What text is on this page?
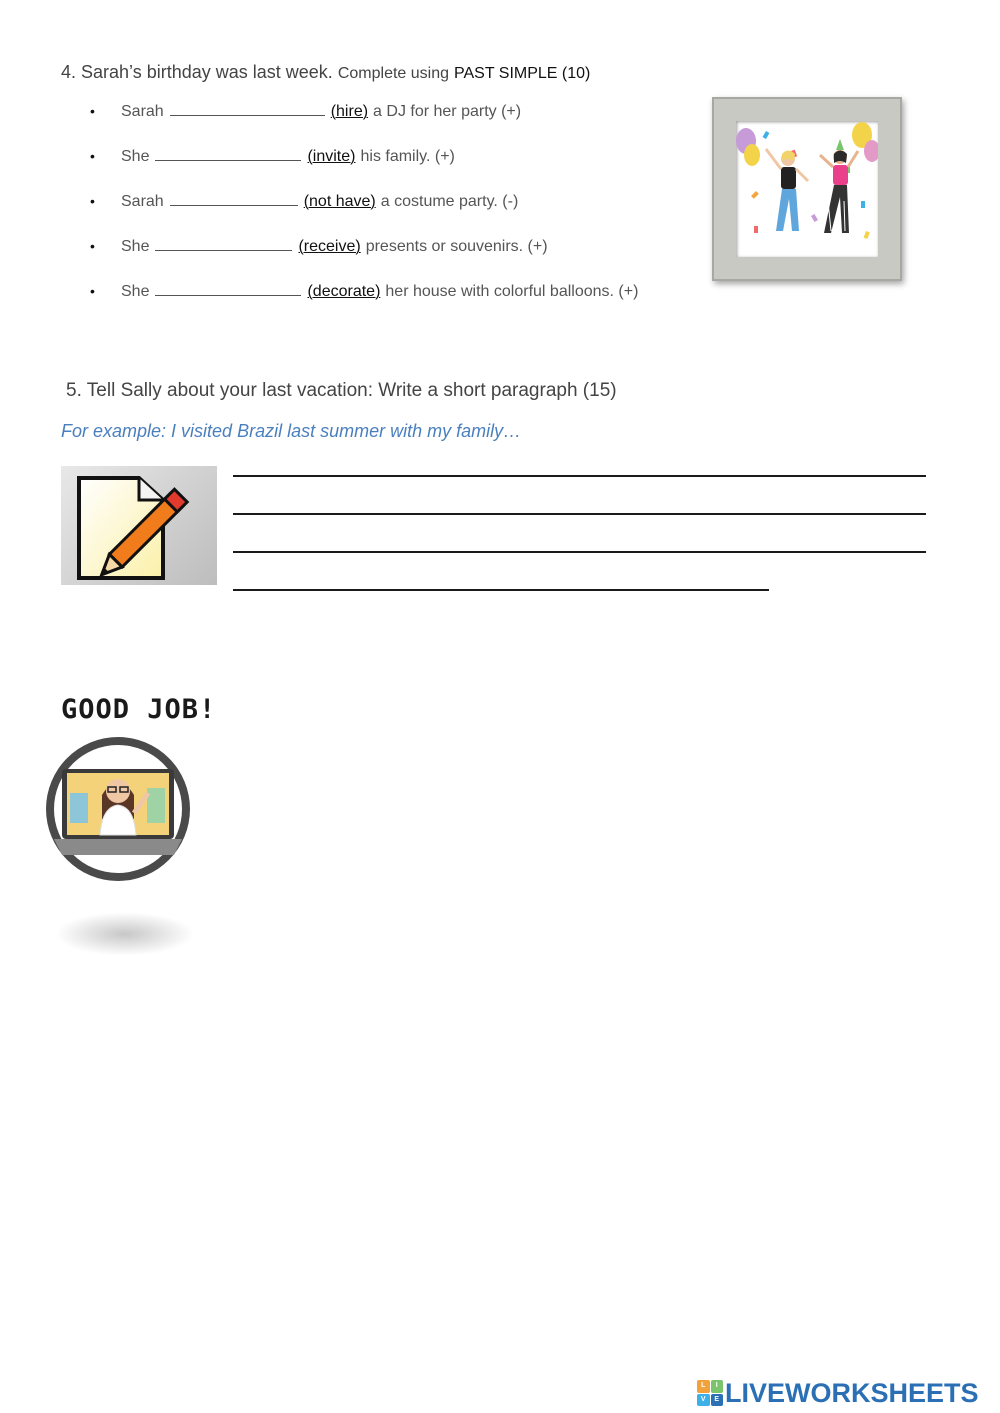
4. Sarah’s birthday was last week. Complete using PAST SIMPLE (10)
•	Sarah	(hire) a DJ for her party (+)
•	She	(invite) his family. (+)
•	Sarah	(not have) a costume party. (-)
•	She	(receive) presents or souvenirs. (+)
•	She	(decorate) her house with colorful balloons. (+)
5. Tell Sally about your last vacation: Write a short paragraph (15)
For example: I visited Brazil last summer with my family…
GOOD JOB!
L	I
V	E LIVEWORKSHEETS
